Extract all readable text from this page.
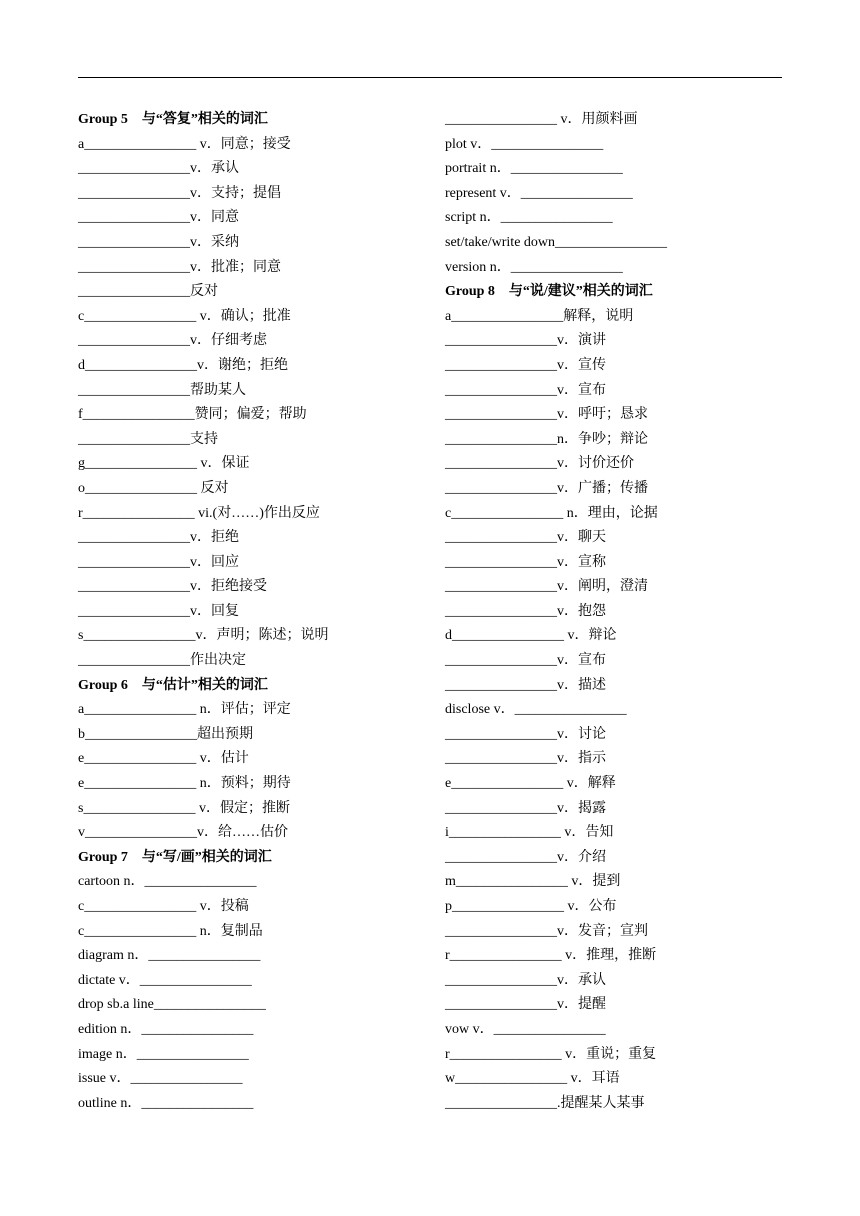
Group 5　与“答复”相关的词汇
a________________ v．同意；接受
________________v．承认
________________v．支持；提倡
________________v．同意
________________v．采纳
________________v．批准；同意
________________反对
c________________ v．确认；批准
________________v．仔细考虑
d________________v．谢绝；拒绝
________________帮助某人
f________________赞同；偏爱；帮助
________________支持
g________________ v．保证
o________________ 反对
r________________ vi.(对……)作出反应
________________v．拒绝
________________v．回应
________________v．拒绝接受
________________v．回复
s________________v．声明；陈述；说明
________________作出决定
Group 6　与“估计”相关的词汇
a________________ n．评估；评定
b________________超出预期
e________________ v．估计
e________________ n．预料；期待
s________________ v．假定；推断
v________________v．给……估价
Group 7　与“写/画”相关的词汇
cartoon n．________________
c________________ v．投稿
c________________ n．复制品
diagram n．________________
dictate v．________________
drop sb.a line________________
edition n．________________
image n．________________
issue v．________________
outline n．________________
________________ v．用颜料画
plot v．________________
portrait n．________________
represent v．________________
script n．________________
set/take/write down________________
version n．________________
Group 8　与“说/建议”相关的词汇
a________________解释，说明
________________v．演讲
________________v．宣传
________________v．宣布
________________v．呼吁；恳求
________________n．争吵；辩论
________________v．讨价还价
________________v．广播；传播
c________________ n．理由，论据
________________v．聊天
________________v．宣称
________________v．阐明，澄清
________________v．抱怨
d________________ v．辩论
________________v．宣布
________________v．描述
disclose v．________________
________________v．讨论
________________v．指示
e________________ v．解释
________________v．揭露
i________________ v．告知
________________v．介绍
m________________ v．提到
p________________ v．公布
________________v．发音；宣判
r________________ v．推理，推断
________________v．承认
________________v．提醒
vow v．________________
r________________ v．重说；重复
w________________ v．耳语
________________.提醒某人某事
